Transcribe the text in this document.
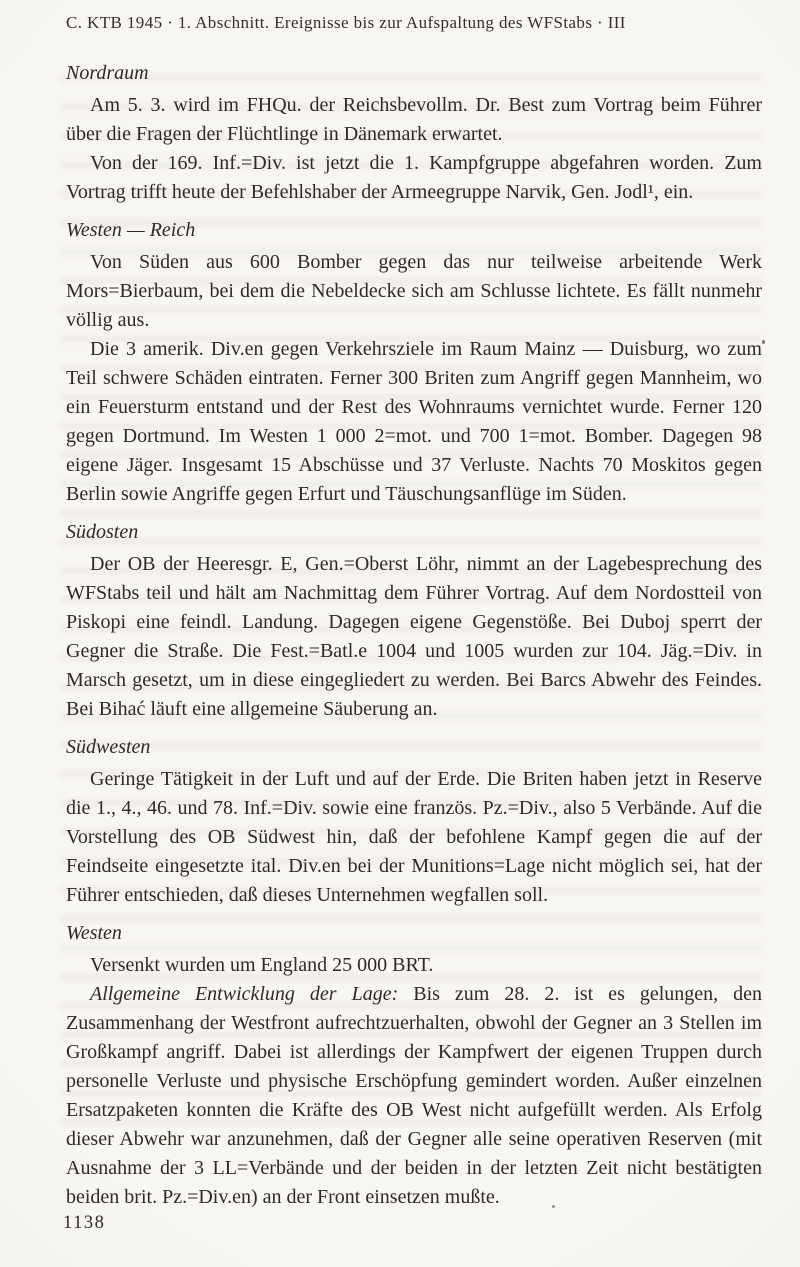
C. KTB 1945 · 1. Abschnitt. Ereignisse bis zur Aufspaltung des WFStabs · III
Nordraum

Am 5. 3. wird im FHQu. der Reichsbevollm. Dr. Best zum Vortrag beim Führer über die Fragen der Flüchtlinge in Dänemark erwartet.

Von der 169. Inf.=Div. ist jetzt die 1. Kampfgruppe abgefahren worden. Zum Vortrag trifft heute der Befehlshaber der Armeegruppe Narvik, Gen. Jodl¹, ein.

Westen — Reich

Von Süden aus 600 Bomber gegen das nur teilweise arbeitende Werk Mors=Bierbaum, bei dem die Nebeldecke sich am Schlusse lichtete. Es fällt nunmehr völlig aus.

Die 3 amerik. Div.en gegen Verkehrsziele im Raum Mainz — Duisburg, wo zum Teil schwere Schäden eintraten. Ferner 300 Briten zum Angriff gegen Mannheim, wo ein Feuersturm entstand und der Rest des Wohnraums vernichtet wurde. Ferner 120 gegen Dortmund. Im Westen 1 000 2=mot. und 700 1=mot. Bomber. Dagegen 98 eigene Jäger. Insgesamt 15 Abschüsse und 37 Verluste. Nachts 70 Moskitos gegen Berlin sowie Angriffe gegen Erfurt und Täuschungsanflüge im Süden.

Südosten

Der OB der Heeresgr. E, Gen.=Oberst Löhr, nimmt an der Lagebesprechung des WFStabs teil und hält am Nachmittag dem Führer Vortrag. Auf dem Nordostteil von Piskopi eine feindl. Landung. Dagegen eigene Gegenstöße. Bei Duboj sperrt der Gegner die Straße. Die Fest.=Batl.e 1004 und 1005 wurden zur 104. Jäg.=Div. in Marsch gesetzt, um in diese eingegliedert zu werden. Bei Barcs Abwehr des Feindes. Bei Bihać läuft eine allgemeine Säuberung an.

Südwesten

Geringe Tätigkeit in der Luft und auf der Erde. Die Briten haben jetzt in Reserve die 1., 4., 46. und 78. Inf.=Div. sowie eine französ. Pz.=Div., also 5 Verbände. Auf die Vorstellung des OB Südwest hin, daß der befohlene Kampf gegen die auf der Feindseite eingesetzte ital. Div.en bei der Munitions=Lage nicht möglich sei, hat der Führer entschieden, daß dieses Unternehmen wegfallen soll.

Westen

Versenkt wurden um England 25 000 BRT.

Allgemeine Entwicklung der Lage: Bis zum 28. 2. ist es gelungen, den Zusammenhang der Westfront aufrechtzuerhalten, obwohl der Gegner an 3 Stellen im Großkampf angriff. Dabei ist allerdings der Kampfwert der eigenen Truppen durch personelle Verluste und physische Erschöpfung gemindert worden. Außer einzelnen Ersatzpaketen konnten die Kräfte des OB West nicht aufgefüllt werden. Als Erfolg dieser Abwehr war anzunehmen, daß der Gegner alle seine operativen Reserven (mit Ausnahme der 3 LL=Verbände und der beiden in der letzten Zeit nicht bestätigten beiden brit. Pz.=Div.en) an der Front einsetzen mußte.

1138
